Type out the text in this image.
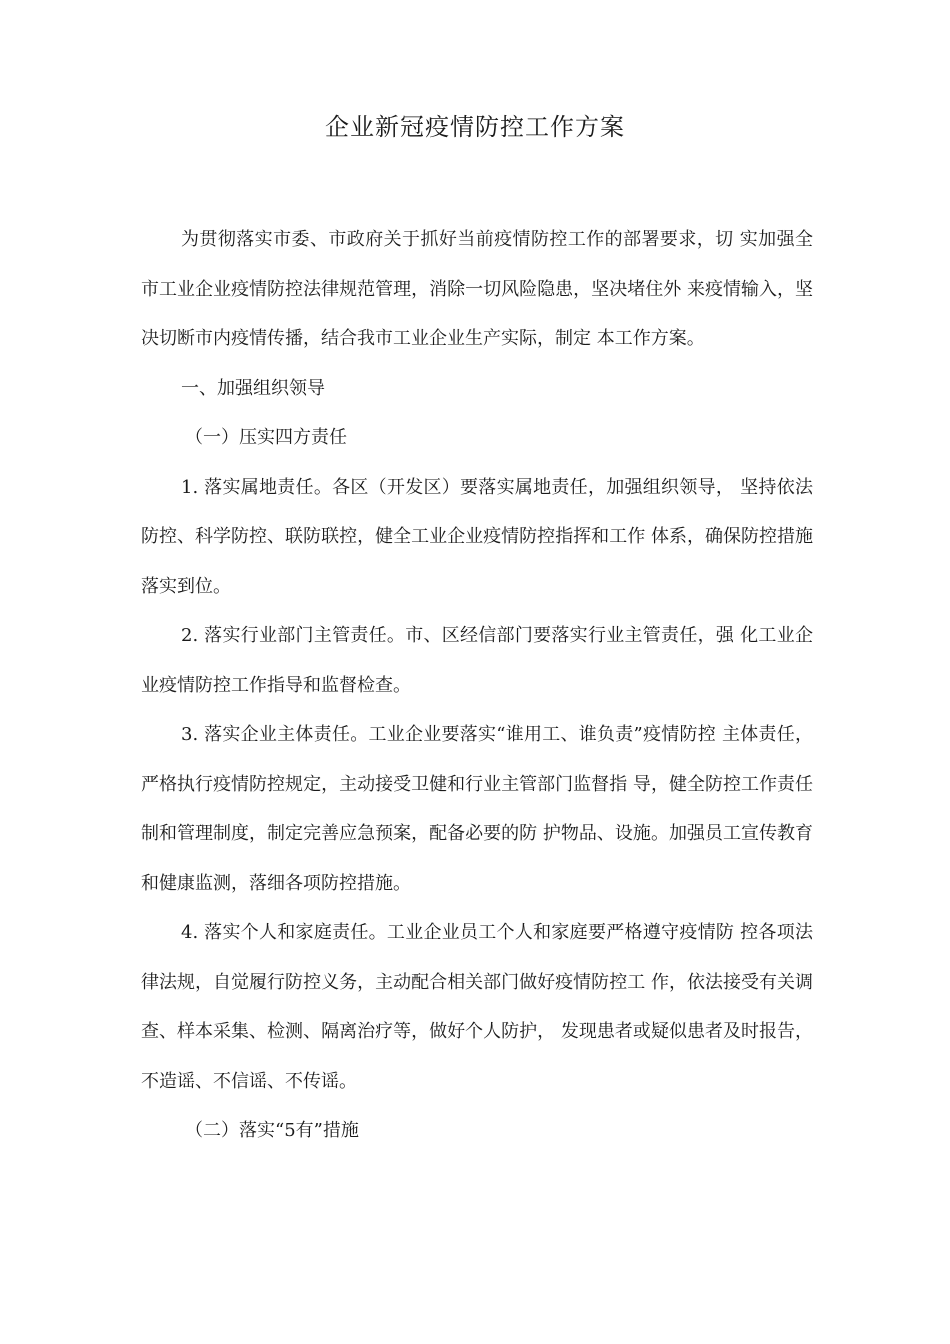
企业新冠疫情防控工作方案

为贯彻落实市委、市政府关于抓好当前疫情防控工作的部署要求，切 实加强全市工业企业疫情防控法律规范管理，消除一切风险隐患，坚决堵住外 来疫情输入，坚决切断市内疫情传播，结合我市工业企业生产实际，制定 本工作方案。

一、加强组织领导

（一）压实四方责任

1. 落实属地责任。各区（开发区）要落实属地责任，加强组织领导， 坚持依法防控、科学防控、联防联控，健全工业企业疫情防控指挥和工作 体系，确保防控措施落实到位。

2. 落实行业部门主管责任。市、区经信部门要落实行业主管责任，强 化工业企业疫情防控工作指导和监督检查。

3. 落实企业主体责任。工业企业要落实“谁用工、谁负责”疫情防控 主体责任，严格执行疫情防控规定，主动接受卫健和行业主管部门监督指 导，健全防控工作责任制和管理制度，制定完善应急预案，配备必要的防 护物品、设施。加强员工宣传教育和健康监测，落细各项防控措施。

4. 落实个人和家庭责任。工业企业员工个人和家庭要严格遵守疫情防 控各项法律法规，自觉履行防控义务，主动配合相关部门做好疫情防控工 作，依法接受有关调查、样本采集、检测、隔离治疗等，做好个人防护， 发现患者或疑似患者及时报告，不造谣、不信谣、不传谣。

（二）落实“5有”措施
